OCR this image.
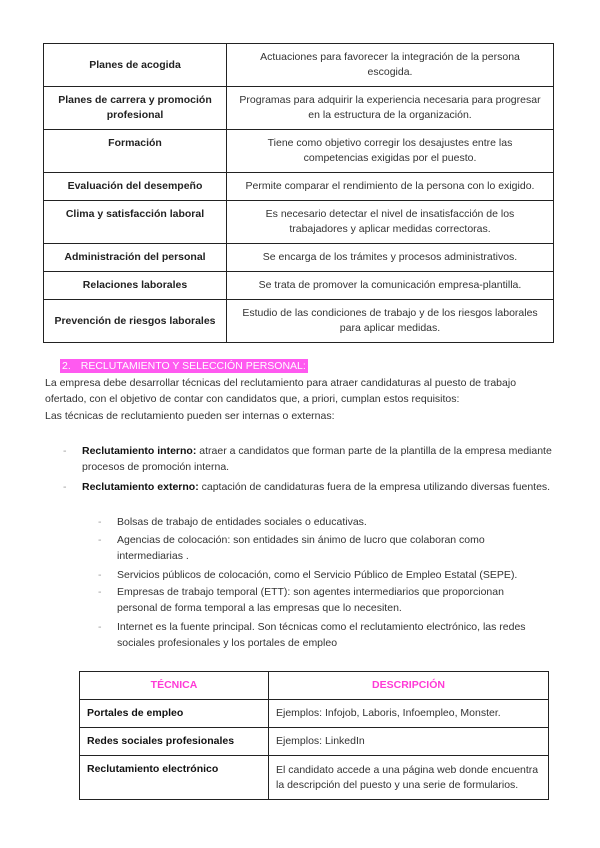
Planes de acogida	Actuaciones para favorecer la integración de la persona escogida.
Planes de carrera y promoción profesional	Programas para adquirir la experiencia necesaria para progresar en la estructura de la organización.
Formación	Tiene como objetivo corregir los desajustes entre las competencias exigidas por el puesto.
Evaluación del desempeño	Permite comparar el rendimiento de la persona con lo exigido.
Clima y satisfacción laboral	Es necesario detectar el nivel de insatisfacción de los trabajadores y aplicar medidas correctoras.
Administración del personal	Se encarga de los trámites y procesos administrativos.
Relaciones laborales	Se trata de promover la comunicación empresa-plantilla.
Prevención de riesgos laborales	Estudio de las condiciones de trabajo y de los riesgos laborales para aplicar medidas.
2. RECLUTAMIENTO Y SELECCIÓN PERSONAL:
La empresa debe desarrollar técnicas del reclutamiento para atraer candidaturas al puesto de trabajo ofertado, con el objetivo de contar con candidatos que, a priori, cumplan estos requisitos:
Las técnicas de reclutamiento pueden ser internas o externas:
- Reclutamiento interno: atraer a candidatos que forman parte de la plantilla de la empresa mediante procesos de promoción interna.
- Reclutamiento externo: captación de candidaturas fuera de la empresa utilizando diversas fuentes.
- Bolsas de trabajo de entidades sociales o educativas.
- Agencias de colocación: son entidades sin ánimo de lucro que colaboran como intermediarias .
- Servicios públicos de colocación, como el Servicio Público de Empleo Estatal (SEPE).
- Empresas de trabajo temporal (ETT): son agentes intermediarios que proporcionan personal de forma temporal a las empresas que lo necesiten.
- Internet es la fuente principal. Son técnicas como el reclutamiento electrónico, las redes sociales profesionales y los portales de empleo
TÉCNICA	DESCRIPCIÓN
Portales de empleo	Ejemplos: Infojob, Laboris, Infoempleo, Monster.
Redes sociales profesionales	Ejemplos: LinkedIn
Reclutamiento electrónico	El candidato accede a una página web donde encuentra la descripción del puesto y una serie de formularios.
